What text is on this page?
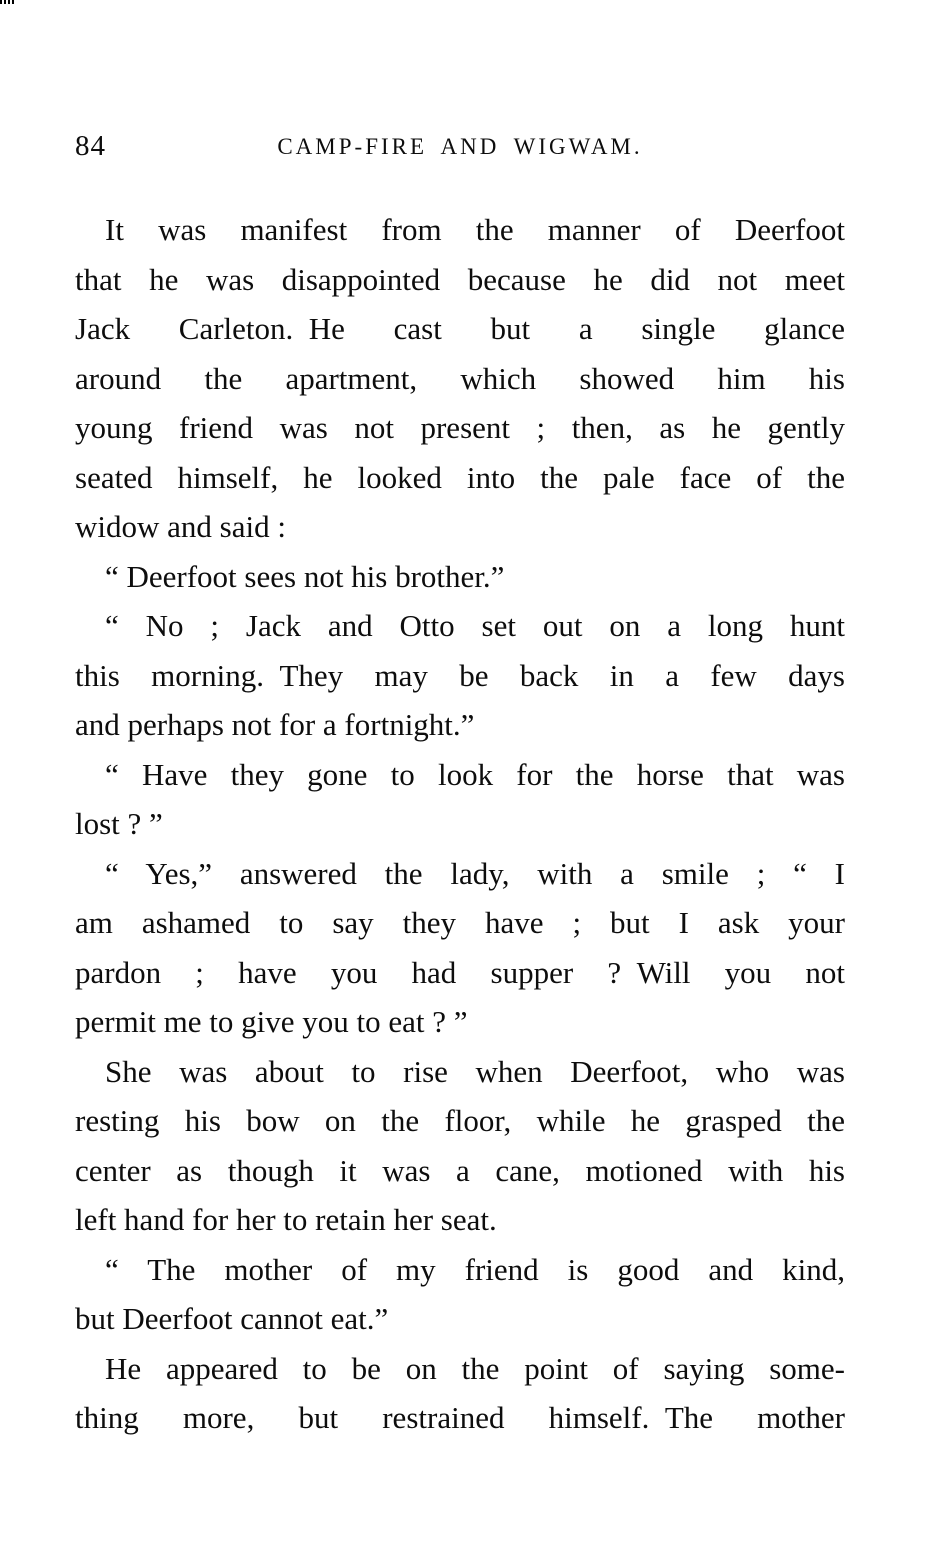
84	CAMP-FIRE AND WIGWAM.
It was manifest from the manner of Deerfoot
that he was disappointed because he did not meet
Jack Carleton. He cast but a single glance
around the apartment, which showed him his
young friend was not present ; then, as he gently
seated himself, he looked into the pale face of the
widow and said :
“ Deerfoot sees not his brother.”
“ No ; Jack and Otto set out on a long hunt
this morning. They may be back in a few days
and perhaps not for a fortnight.”
“ Have they gone to look for the horse that was
lost ? ”
“ Yes,” answered the lady, with a smile ; “ I
am ashamed to say they have ; but I ask your
pardon ; have you had supper ? Will you not
permit me to give you to eat ? ”
She was about to rise when Deerfoot, who was
resting his bow on the floor, while he grasped the
center as though it was a cane, motioned with his
left hand for her to retain her seat.
“ The mother of my friend is good and kind,
but Deerfoot cannot eat.”
He appeared to be on the point of saying some-
thing more, but restrained himself. The mother
